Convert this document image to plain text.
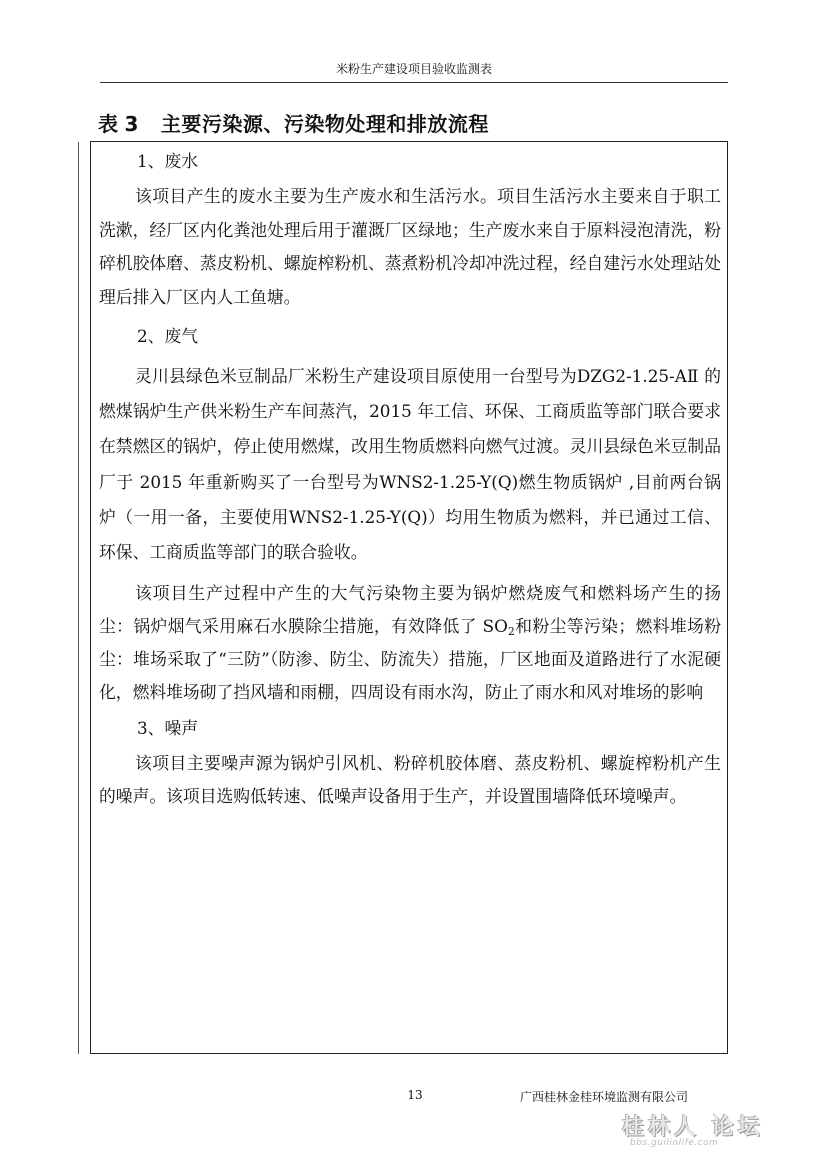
米粉生产建设项目验收监测表
表 3 主要污染源、污染物处理和排放流程

1、废水

该项目产生的废水主要为生产废水和生活污水。项目生活污水主要来自于职工洗漱，经厂区内化粪池处理后用于灌溉厂区绿地；生产废水来自于原料浸泡清洗，粉碎机胶体磨、蒸皮粉机、螺旋榨粉机、蒸煮粉机冷却冲洗过程，经自建污水处理站处理后排入厂区内人工鱼塘。

2、废气

灵川县绿色米豆制品厂米粉生产建设项目原使用一台型号为DZG2-1.25-AⅡ 的燃煤锅炉生产供米粉生产车间蒸汽，2015 年工信、环保、工商质监等部门联合要求在禁燃区的锅炉，停止使用燃煤，改用生物质燃料向燃气过渡。灵川县绿色米豆制品厂于 2015 年重新购买了一台型号为WNS2-1.25-Y(Q)燃生物质锅炉 ,目前两台锅炉（一用一备，主要使用WNS2-1.25-Y(Q)）均用生物质为燃料，并已通过工信、环保、工商质监等部门的联合验收。

该项目生产过程中产生的大气污染物主要为锅炉燃烧废气和燃料场产生的扬尘：锅炉烟气采用麻石水膜除尘措施，有效降低了 $SO_2$和粉尘等污染；燃料堆场粉尘：堆场采取了“三防”（防渗、防尘、防流失）措施，厂区地面及道路进行了水泥硬化，燃料堆场砌了挡风墙和雨棚，四周设有雨水沟，防止了雨水和风对堆场的影响

3、噪声

该项目主要噪声源为锅炉引风机、粉碎机胶体磨、蒸皮粉机、螺旋榨粉机产生的噪声。该项目选购低转速、低噪声设备用于生产，并设置围墙降低环境噪声。

13	广西桂林金桂环境监测有限公司
桂林人 论坛
bbs.guilinlife.com
